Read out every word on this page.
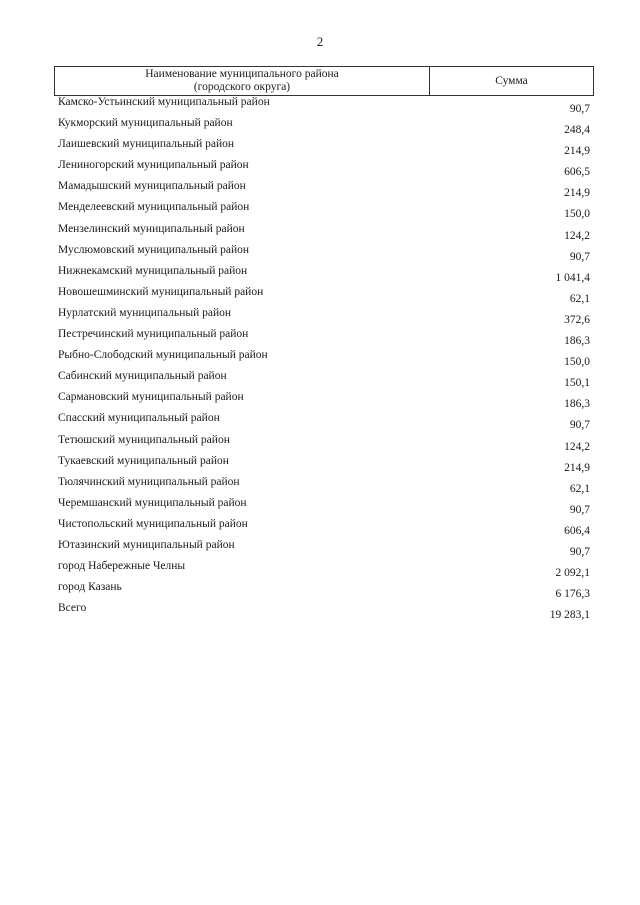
2
Наименование муниципального района
(городского округа)	Сумма
Камско-Устьинский муниципальный район
90,7
Кукморский муниципальный район
248,4
Лаишевский муниципальный район
214,9
Лениногорский муниципальный район
606,5
Мамадышский муниципальный район
214,9
Менделеевский муниципальный район
150,0
Мензелинский муниципальный район
124,2
Муслюмовский муниципальный район
90,7
Нижнекамский муниципальный район
1 041,4
Новошешминский муниципальный район
62,1
Нурлатский муниципальный район
372,6
Пестречинский муниципальный район
186,3
Рыбно-Слободский муниципальный район
150,0
Сабинский муниципальный район
150,1
Сармановский муниципальный район
186,3
Спасский муниципальный район
90,7
Тетюшский муниципальный район
124,2
Тукаевский муниципальный район
214,9
Тюлячинский муниципальный район
62,1
Черемшанский муниципальный район
90,7
Чистопольский муниципальный район
606,4
Ютазинский муниципальный район
90,7
город Набережные Челны
2 092,1
город Казань
6 176,3
Всего
19 283,1
